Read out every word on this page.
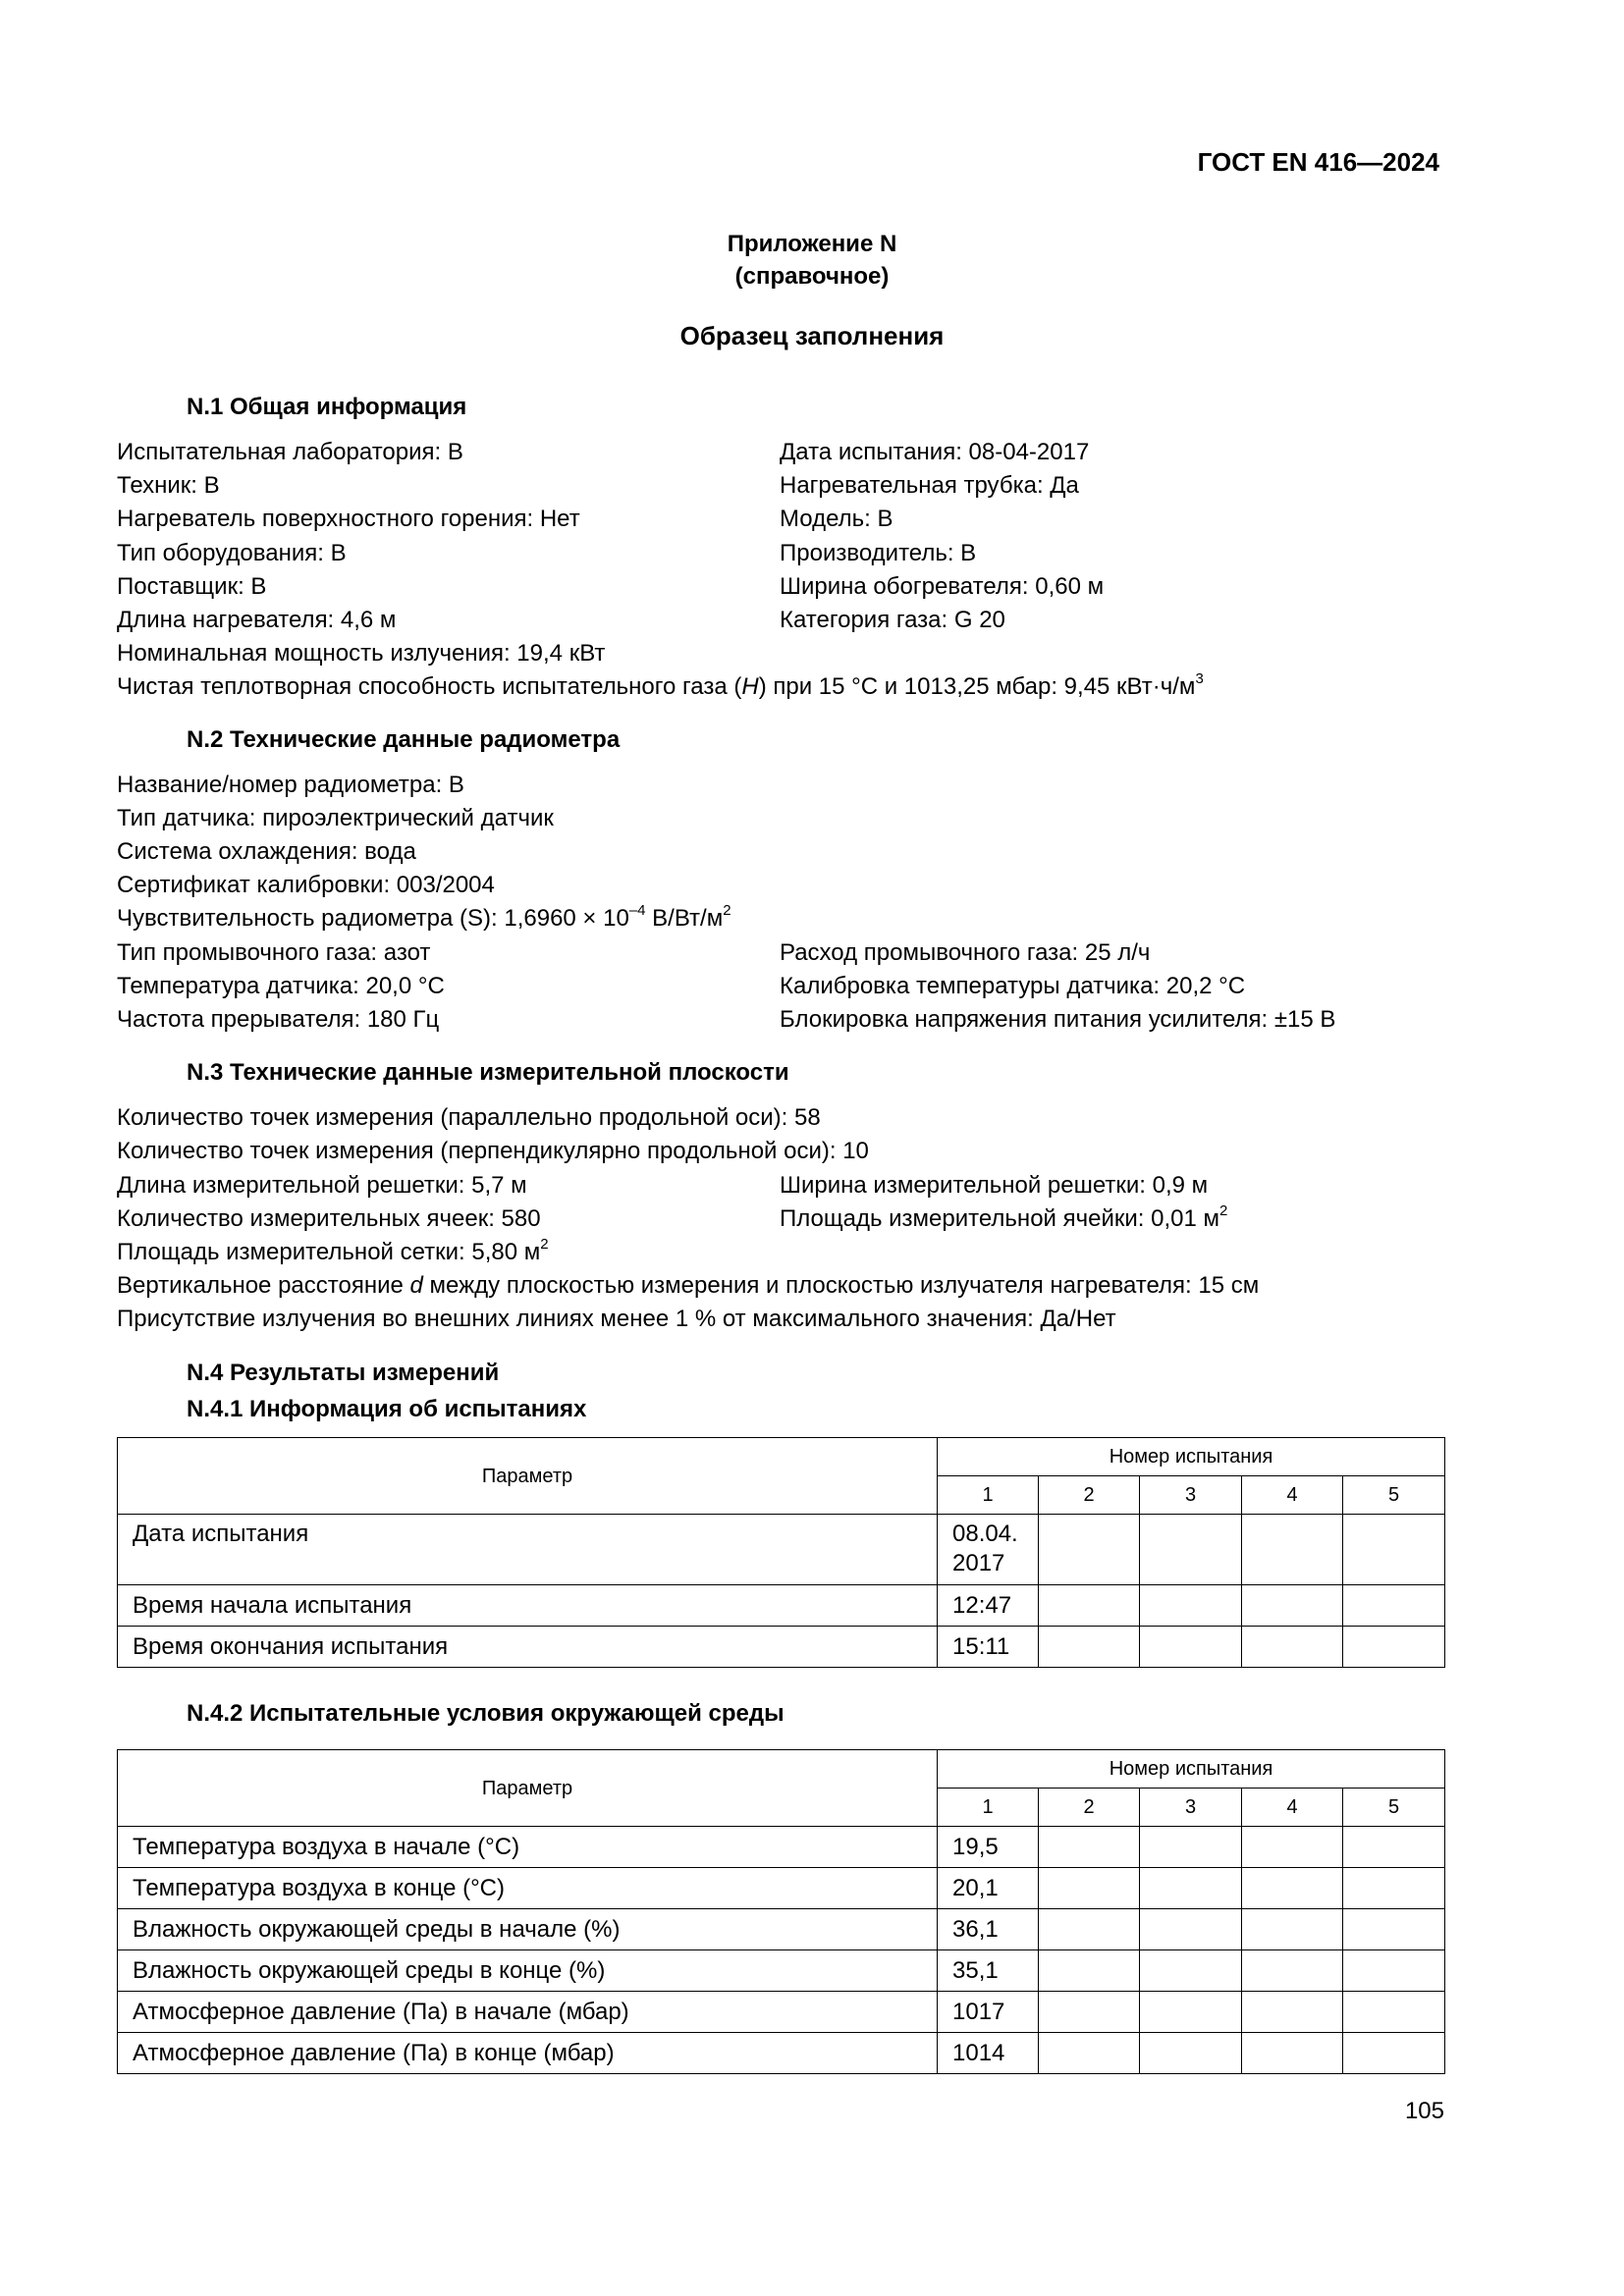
ГОСТ EN 416—2024
Приложение N
(справочное)
Образец заполнения
N.1 Общая информация
Испытательная лаборатория: B	Дата испытания: 08-04-2017
Техник: B	Нагревательная трубка: Да
Нагреватель поверхностного горения: Нет	Модель: B
Тип оборудования: B	Производитель: B
Поставщик: B	Ширина обогревателя: 0,60 м
Длина нагревателя: 4,6 м	Категория газа: G 20
Номинальная мощность излучения: 19,4 кВт
Чистая теплотворная способность испытательного газа (H) при 15 °С и 1013,25 мбар: 9,45 $кВт\cdot ч/м^3$
N.2 Технические данные радиометра
Название/номер радиометра: B
Тип датчика: пироэлектрический датчик
Система охлаждения: вода
Сертификат калибровки: 003/2004
Чувствительность радиометра (S): $1,6960 \times 10^{-4}$ $В/Вт/м^2$
Тип промывочного газа: азот	Расход промывочного газа: 25 л/ч
Температура датчика: 20,0 °С	Калибровка температуры датчика: 20,2 °С
Частота прерывателя: 180 Гц	Блокировка напряжения питания усилителя: ±15 В
N.3 Технические данные измерительной плоскости
Количество точек измерения (параллельно продольной оси): 58
Количество точек измерения (перпендикулярно продольной оси): 10
Длина измерительной решетки: 5,7 м	Ширина измерительной решетки: 0,9 м
Количество измерительных ячеек: 580	Площадь измерительной ячейки: 0,01 $м^2$
Площадь измерительной сетки: 5,80 $м^2$
Вертикальное расстояние d между плоскостью измерения и плоскостью излучателя нагревателя: 15 см
Присутствие излучения во внешних линиях менее 1 % от максимального значения: Да/Нет
N.4 Результаты измерений
N.4.1 Информация об испытаниях
Параметр	Номер испытания				
	1	2	3	4	5
Дата испытания	08.04.
2017				

Время начала испытания	12:47				
Время окончания испытания	15:11				
N.4.2 Испытательные условия окружающей среды
Параметр	Номер испытания				
	1	2	3	4	5
Температура воздуха в начале (°C)	19,5				
Температура воздуха в конце (°C)	20,1				
Влажность окружающей среды в начале (%)	36,1				
Влажность окружающей среды в конце (%)	35,1				
Атмосферное давление (Па) в начале (мбар)	1017				
Атмосферное давление (Па) в конце (мбар)	1014				
105
